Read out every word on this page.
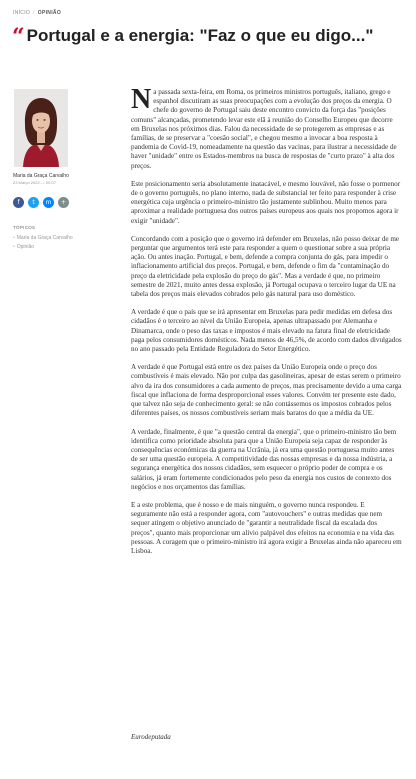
INÍCIO / OPINIÃO
“ Portugal e a energia: "Faz o que eu digo..."
Maria da Graça Carvalho
23 Março 2022 — 00:07
f	t	m	+
TÓPICOS
• Maria da Graça Carvalho
• Opinião

Na passada sexta-feira, em Roma, os primeiros ministros português, italiano, grego e espanhol discutiram as suas preocupações com a evolução dos preços da energia. O chefe do governo de Portugal saiu deste encontro convicto da força das "posições comuns" alcançadas, prometendo levar este elã à reunião do Conselho Europeu que decorre em Bruxelas nos próximos dias. Falou da necessidade de se protegerem as empresas e as famílias, de se preservar a "coesão social", e chegou mesmo a invocar a boa resposta à pandemia de Covid-19, nomeadamente na questão das vacinas, para ilustrar a necessidade de haver "unidade" entre os Estados-membros na busca de respostas de "curto prazo" à alta dos preços.

Este posicionamento seria absolutamente inatacável, e mesmo louvável, não fosse o pormenor de o governo português, no plano interno, nada de substancial ter feito para responder à crise energética cuja urgência o primeiro-ministro tão justamente sublinhou. Muito menos para aproximar a realidade portuguesa dos outros países europeus aos quais nos propomos agora ir exigir "unidade".

Concordando com a posição que o governo irá defender em Bruxelas, não posso deixar de me perguntar que argumentos terá este para responder a quem o questionar sobre a sua própria ação. Ou antes inação. Portugal, e bem, defende a compra conjunta do gás, para impedir o inflacionamento artificial dos preços. Portugal, e bem, defende o fim da "contaminação do preço da eletricidade pela explosão do preço do gás". Mas a verdade é que, no primeiro semestre de 2021, muito antes dessa explosão, já Portugal ocupava o terceiro lugar da UE na tabela dos preços mais elevados cobrados pelo gás natural para uso doméstico.

A verdade é que o país que se irá apresentar em Bruxelas para pedir medidas em defesa dos cidadãos é o terceiro ao nível da União Europeia, apenas ultrapassado por Alemanha e Dinamarca, onde o peso das taxas e impostos é mais elevado na fatura final de eletricidade paga pelos consumidores domésticos. Nada menos de 46,5%, de acordo com dados divulgados no ano passado pela Entidade Reguladora do Setor Energético.

A verdade é que Portugal está entre os dez países da União Europeia onde o preço dos combustíveis é mais elevado. Não por culpa das gasolineiras, apesar de estas serem o primeiro alvo da ira dos consumidores a cada aumento de preços, mas precisamente devido a uma carga fiscal que inflaciona de forma desproporcional esses valores. Convém ter presente este dado, que talvez não seja de conhecimento geral: se não contássemos os impostos cobrados pelos diferentes países, os nossos combustíveis seriam mais baratos do que a média da UE.

A verdade, finalmente, é que "a questão central da energia", que o primeiro-ministro tão bem identifica como prioridade absoluta para que a União Europeia seja capaz de responder às consequências económicas da guerra na Ucrânia, já era uma questão portuguesa muito antes de ser uma questão europeia. A competitividade das nossas empresas e da nossa indústria, a segurança energética dos nossos cidadãos, sem esquecer o próprio poder de compra e os salários, já eram fortemente condicionados pelo peso da energia nos custos de contexto dos negócios e nos orçamentos das famílias.

E a este problema, que é nosso e de mais ninguém, o governo nunca respondeu. E seguramente não está a responder agora, com "autovouchers" e outras medidas que nem sequer atingem o objetivo anunciado de "garantir a neutralidade fiscal da escalada dos preços", quanto mais proporcionar um alívio palpável dos efeitos na economia e na vida das pessoas. A coragem que o primeiro-ministro irá agora exigir a Bruxelas ainda não apareceu em Lisboa.

Eurodeputada
